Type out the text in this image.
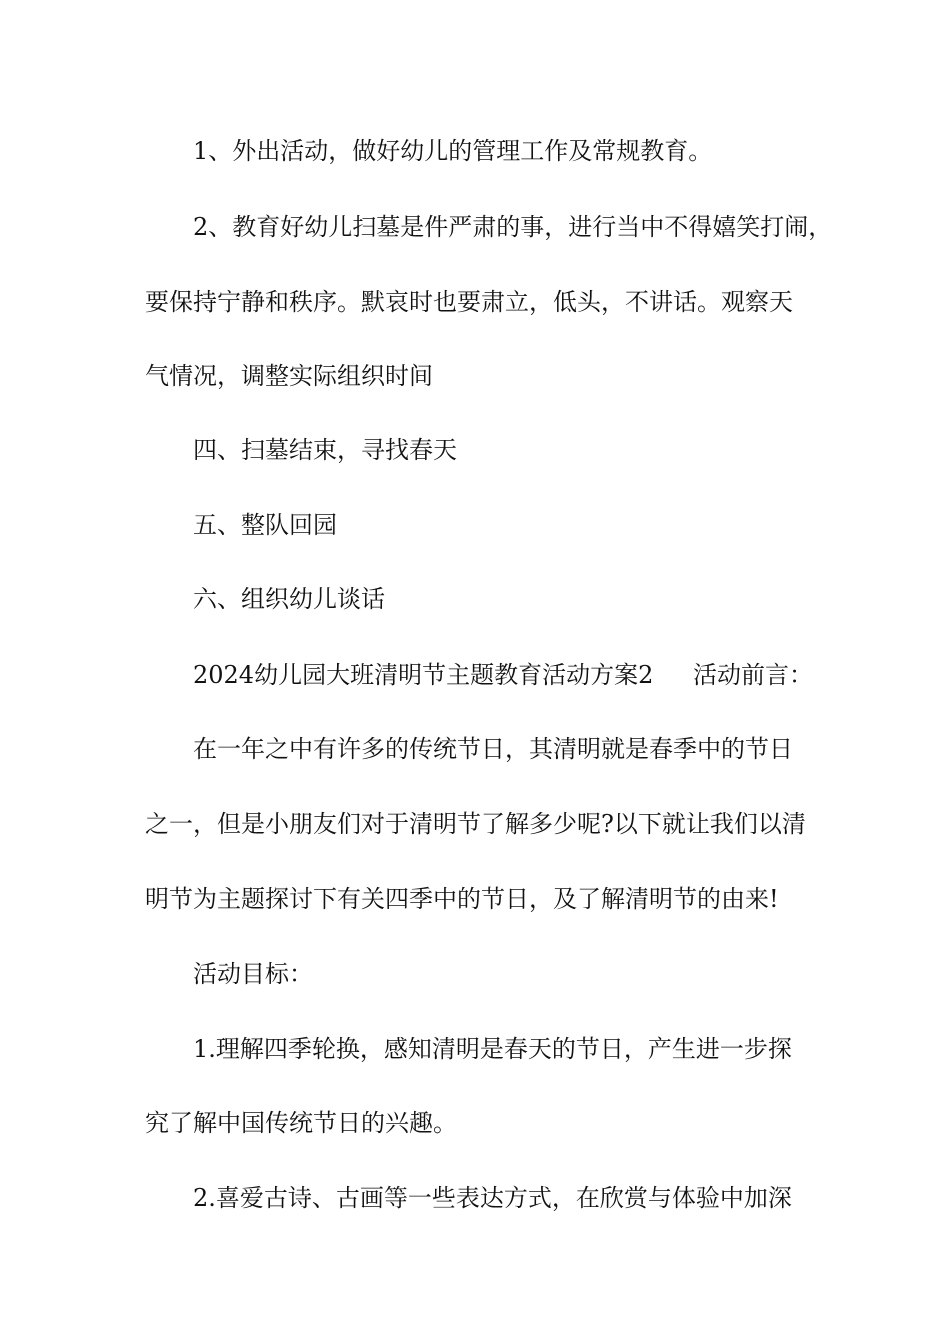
1、外出活动，做好幼儿的管理工作及常规教育。
2、教育好幼儿扫墓是件严肃的事，进行当中不得嬉笑打闹，
要保持宁静和秩序。默哀时也要肃立，低头，不讲话。观察天
气情况，调整实际组织时间
四、扫墓结束，寻找春天
五、整队回园
六、组织幼儿谈话
2024幼儿园大班清明节主题教育活动方案2 活动前言：
在一年之中有许多的传统节日，其清明就是春季中的节日
之一，但是小朋友们对于清明节了解多少呢?以下就让我们以清
明节为主题探讨下有关四季中的节日，及了解清明节的由来!
活动目标：
1.理解四季轮换，感知清明是春天的节日，产生进一步探
究了解中国传统节日的兴趣。
2.喜爱古诗、古画等一些表达方式，在欣赏与体验中加深
